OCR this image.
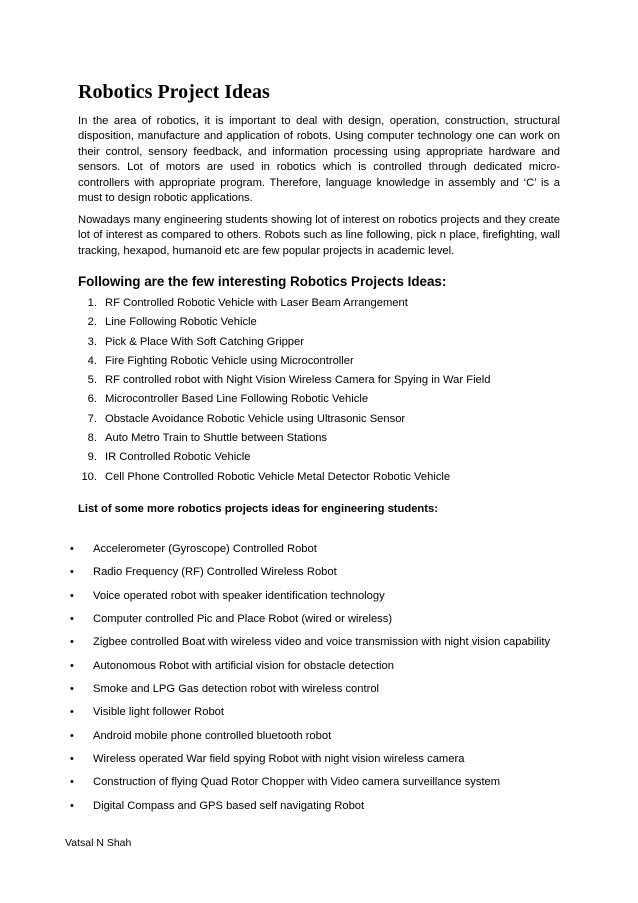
Robotics Project Ideas

In the area of robotics, it is important to deal with design, operation, construction, structural disposition, manufacture and application of robots. Using computer technology one can work on their control, sensory feedback, and information processing using appropriate hardware and sensors. Lot of motors are used in robotics which is controlled through dedicated micro-controllers with appropriate program. Therefore, language knowledge in assembly and ‘C’ is a must to design robotic applications.

Nowadays many engineering students showing lot of interest on robotics projects and they create lot of interest as compared to others. Robots such as line following, pick n place, firefighting, wall tracking, hexapod, humanoid etc are few popular projects in academic level.

Following are the few interesting Robotics Projects Ideas:
1. RF Controlled Robotic Vehicle with Laser Beam Arrangement
2. Line Following Robotic Vehicle
3. Pick & Place With Soft Catching Gripper
4. Fire Fighting Robotic Vehicle using Microcontroller
5. RF controlled robot with Night Vision Wireless Camera for Spying in War Field
6. Microcontroller Based Line Following Robotic Vehicle
7. Obstacle Avoidance Robotic Vehicle using Ultrasonic Sensor
8. Auto Metro Train to Shuttle between Stations
9. IR Controlled Robotic Vehicle
10. Cell Phone Controlled Robotic Vehicle Metal Detector Robotic Vehicle
List of some more robotics projects ideas for engineering students:
• Accelerometer (Gyroscope) Controlled Robot
• Radio Frequency (RF) Controlled Wireless Robot
• Voice operated robot with speaker identification technology
• Computer controlled Pic and Place Robot (wired or wireless)
• Zigbee controlled Boat with wireless video and voice transmission with night vision capability
• Autonomous Robot with artificial vision for obstacle detection
• Smoke and LPG Gas detection robot with wireless control
• Visible light follower Robot
• Android mobile phone controlled bluetooth robot
• Wireless operated War field spying Robot with night vision wireless camera
• Construction of flying Quad Rotor Chopper with Video camera surveillance system
• Digital Compass and GPS based self navigating Robot
Vatsal N Shah
